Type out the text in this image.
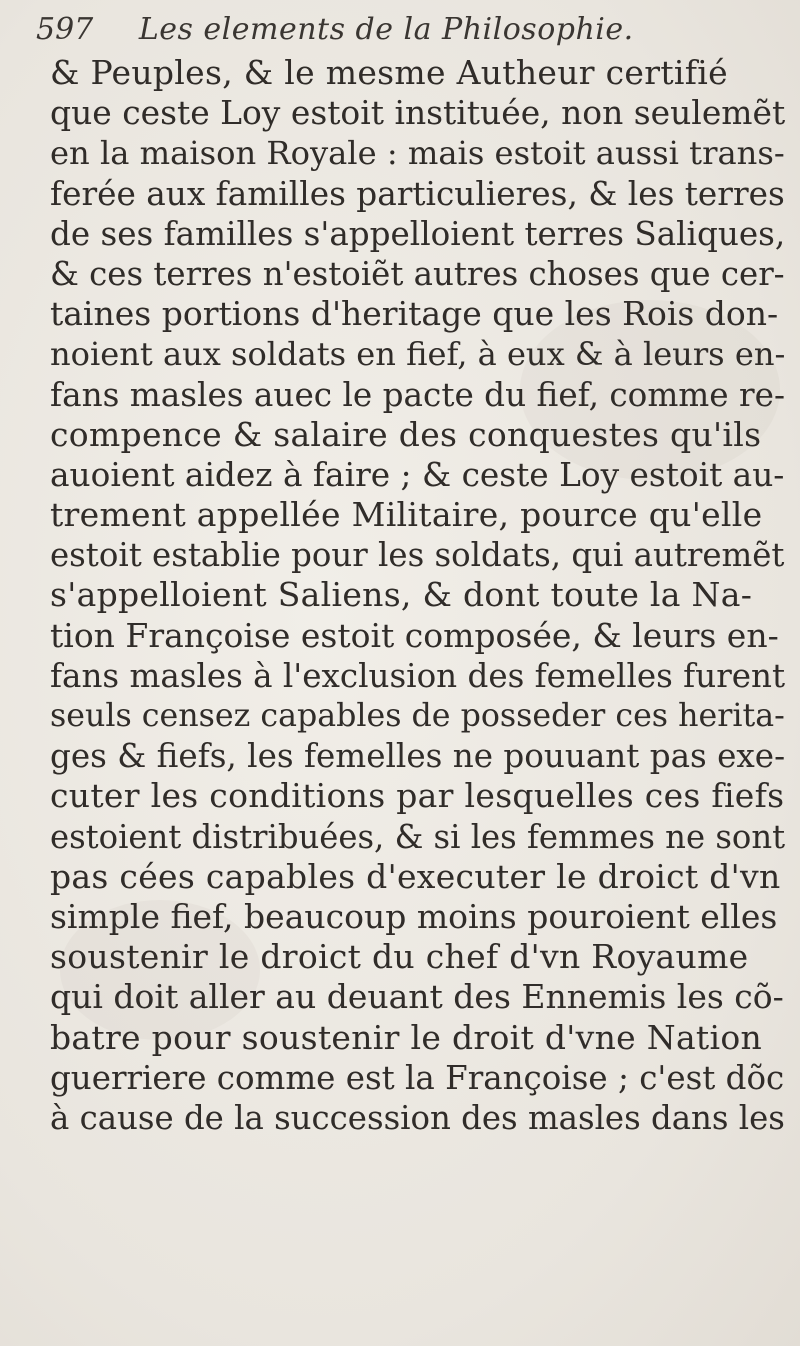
597 Les elements de la Philosophie.
& Peuples, & le mesme Autheur certifié
que ceste Loy estoit instituée, non seulemẽt
en la maison Royale : mais estoit aussi trans-
ferée aux familles particulieres, & les terres
de ses familles s'appelloient terres Saliques,
& ces terres n'estoiẽt autres choses que cer-
taines portions d'heritage que les Rois don-
noient aux soldats en fief, à eux & à leurs en-
fans masles auec le pacte du fief, comme re-
compence & salaire des conquestes qu'ils
auoient aidez à faire ; & ceste Loy estoit au-
trement appellée Militaire, pource qu'elle
estoit establie pour les soldats, qui autremẽt
s'appelloient Saliens, & dont toute la Na-
tion Françoise estoit composée, & leurs en-
fans masles à l'exclusion des femelles furent
seuls censez capables de posseder ces herita-
ges & fiefs, les femelles ne pouuant pas exe-
cuter les conditions par lesquelles ces fiefs
estoient distribuées, & si les femmes ne sont
pas cées capables d'executer le droict d'vn
simple fief, beaucoup moins pouroient elles
soustenir le droict du chef d'vn Royaume
qui doit aller au deuant des Ennemis les cõ-
batre pour soustenir le droit d'vne Nation
guerriere comme est la Françoise ; c'est dõc
à cause de la succession des masles dans les
